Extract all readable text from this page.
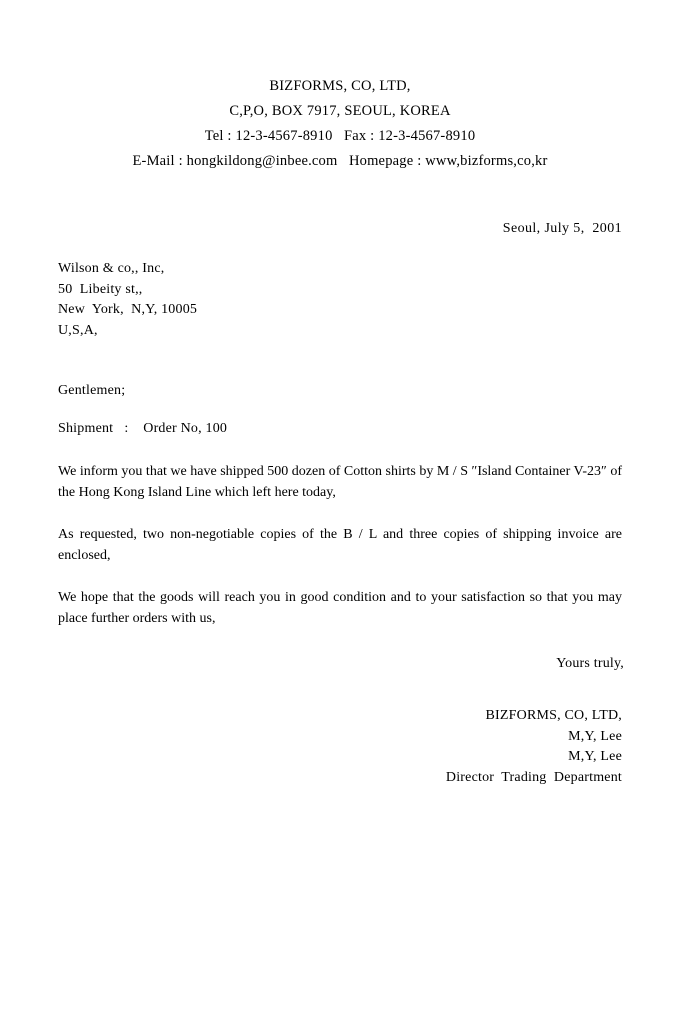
BIZFORMS, CO, LTD,
C,P,O, BOX 7917, SEOUL, KOREA
Tel : 12-3-4567-8910   Fax : 12-3-4567-8910
E-Mail : hongkildong@inbee.com   Homepage : www,bizforms,co,kr
Seoul, July 5,  2001
Wilson & co,, Inc,
50  Libeity st,,
New  York,  N,Y, 10005
U,S,A,
Gentlemen;
Shipment   :    Order No, 100
We inform you that we have shipped 500 dozen of Cotton shirts by M / S ″Island Container V-23″ of the Hong Kong Island Line which left here today,
As requested, two non-negotiable copies of the B / L and three copies of shipping invoice are enclosed,
We hope that the goods will reach you in good condition and to your satisfaction so that you may place further orders with us,
Yours truly,
BIZFORMS, CO, LTD,
M,Y, Lee
M,Y, Lee
Director  Trading  Department
